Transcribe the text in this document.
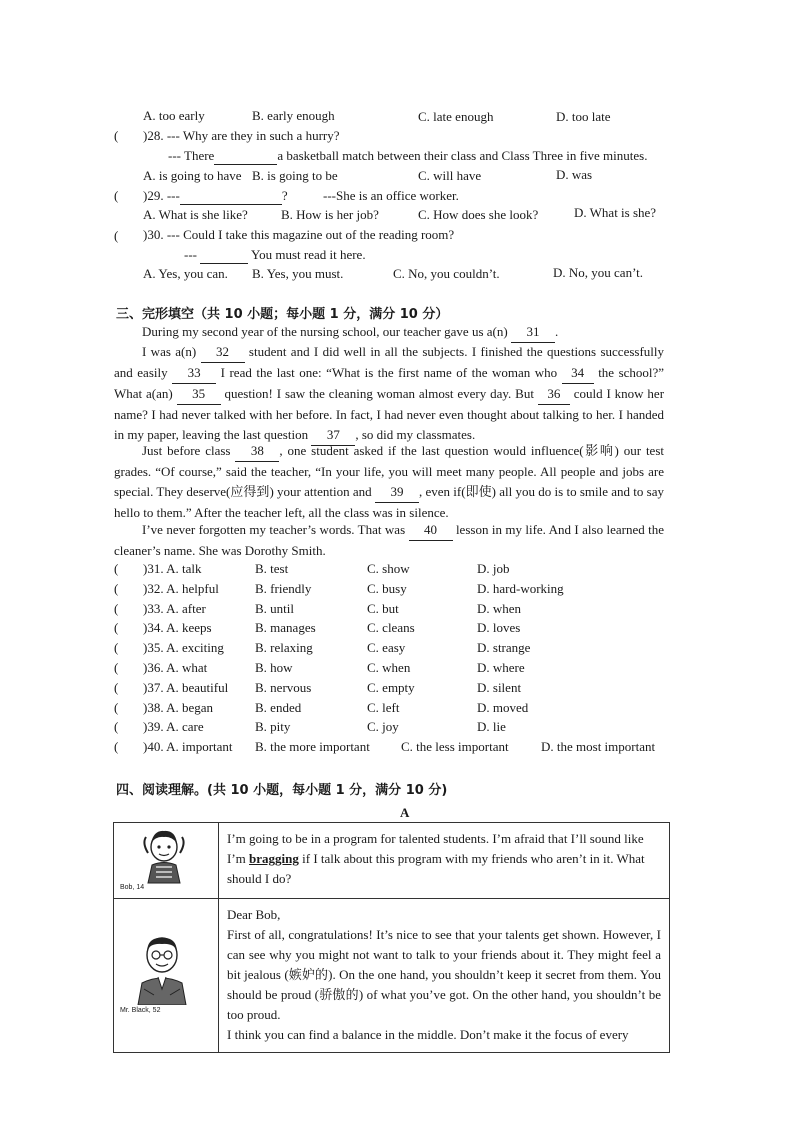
A. too early	B. early enough	C. late enough	D. too late
( )28. --- Why are they in such a hurry?
--- There	a basketball match between their class and Class Three in five minutes.
A. is going to have B. is going to be	C. will have	D. was
( )29. ---	?	---She is an office worker.
A. What is she like?	B. How is her job?	C. How does she look?	D. What is she?
( )30. --- Could I take this magazine out of the reading room?
---	You must read it here.
A. Yes, you can. B. Yes, you must.	C. No, you couldn’t.	D. No, you can’t.
三、完形填空（共 10 小题；每小题 1 分，满分 10 分）
During my second year of the nursing school, our teacher gave us a(n) 31 .
I was a(n) 32 student and I did well in all the subjects. I finished the questions successfully and easily 33 I read the last one: “What is the first name of the woman who 34 the school?” What a(an) 35 question! I saw the cleaning woman almost every day. But 36 could I know her name? I had never talked with her before. In fact, I had never even thought about talking to her. I handed in my paper, leaving the last question 37 , so did my classmates.
Just before class 38 , one student asked if the last question would influence(影响) our test grades. “Of course,” said the teacher, “In your life, you will meet many people. All people and jobs are special. They deserve(应得到) your attention and 39 , even if(即使) all you do is to smile and to say hello to them.” After the teacher left, all the class was in silence.
I’ve never forgotten my teacher’s words. That was 40 lesson in my life. And I also learned the cleaner’s name. She was Dorothy Smith.
( )31. A. talk	B. test	C. show	D. job
( )32. A. helpful	B. friendly	C. busy	D. hard-working
( )33. A. after	B. until	C. but	D. when
( )34. A. keeps	B. manages	C. cleans	D. loves
( )35. A. exciting B. relaxing	C. easy	D. strange
( )36. A. what	B. how	C. when	D. where
( )37. A. beautiful B. nervous	C. empty	D. silent
( )38. A. began	B. ended	C. left	D. moved
( )39. A. care	B. pity	C. joy	D. lie
( )40. A. important B. the more important C. the less important D. the most important
四、阅读理解。(共 10 小题，每小题 1 分，满分 10 分)
A
Bob, 14	I’m going to be in a program for talented students. I’m afraid that I’ll sound like I’m bragging if I talk about this program with my friends who aren’t in it. What should I do?

Mr. Black, 52	Dear Bob,
First of all, congratulations! It’s nice to see that your talents get shown. However, I can see why you might not want to talk to your friends about it. They might feel a bit jealous (嫉妒的). On the one hand, you shouldn’t keep it secret from them. You should be proud (骄傲的) of what you’ve got. On the other hand, you shouldn’t be too proud.
I think you can find a balance in the middle. Don’t make it the focus of every
